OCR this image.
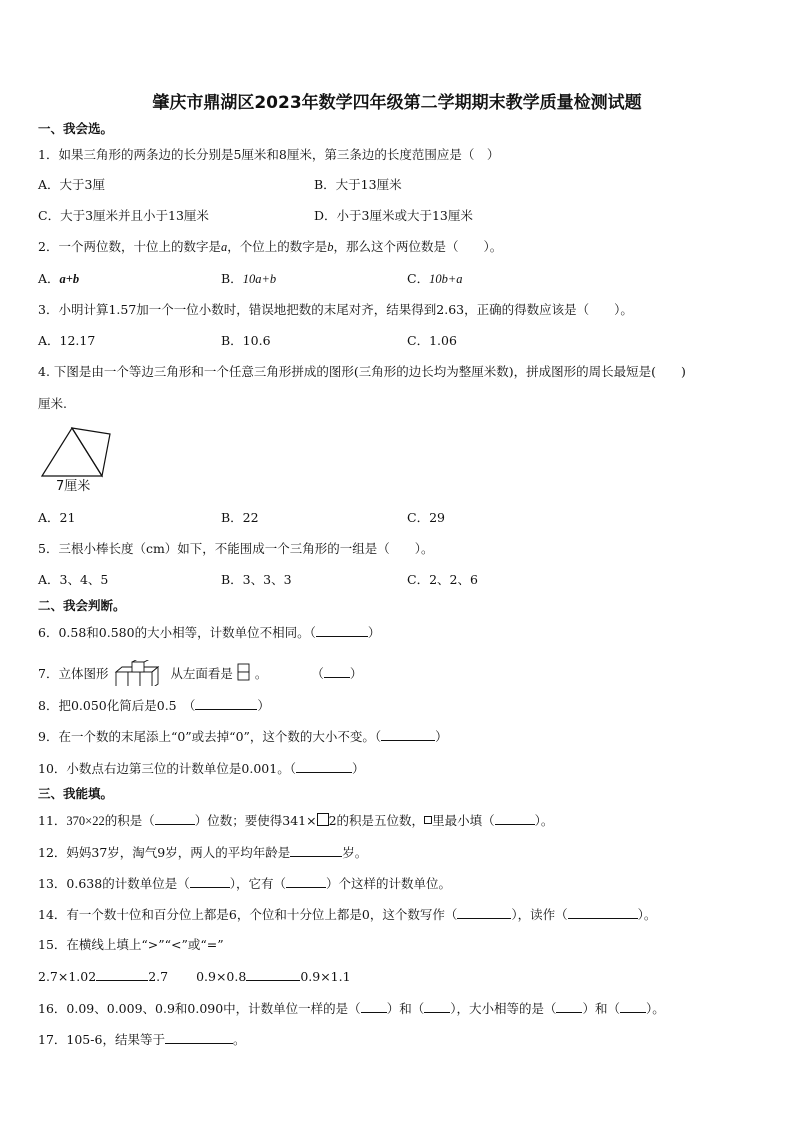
肇庆市鼎湖区2023年数学四年级第二学期期末教学质量检测试题
一、我会选。
1．如果三角形的两条边的长分别是5厘米和8厘米，第三条边的长度范围应是（　）
A．大于3厘	B．大于13厘米
C．大于3厘米并且小于13厘米	D．小于3厘米或大于13厘米
2．一个两位数，十位上的数字是a，个位上的数字是b，那么这个两位数是（　　）。
A．a+b	B．10a+b	C．10b+a
3．小明计算1.57加一个一位小数时，错误地把数的末尾对齐，结果得到2.63，正确的得数应该是（　　）。
A．12.17	B．10.6	C．1.06
4. 下图是由一个等边三角形和一个任意三角形拼成的图形(三角形的边长均为整厘米数)，拼成图形的周长最短是(　　)
厘米.
7厘米
A．21	B．22	C．29
5．三根小棒长度（cm）如下，不能围成一个三角形的一组是（　　）。
A．3、4、5	B．3、3、3	C．2、2、6
二、我会判断。
6．0.58和0.580的大小相等，计数单位不相同。（	）
7．立体图形	从左面看是 。	（ ）
8．把0.050化简后是0.5　（	）
9．在一个数的末尾添上“0”或去掉“0”，这个数的大小不变。（	）
10．小数点右边第三位的计数单位是0.001。（	）
三、我能填。
11．370×22的积是（	）位数；要使得341× 2的积是五位数， 里最小填（	）。
12．妈妈37岁，淘气9岁，两人的平均年龄是	岁。
13．0.638的计数单位是（	），它有（	）个这样的计数单位。
14．有一个数十位和百分位上都是6，个位和十分位上都是0，这个数写作（	），读作（	）。
15．在横线上填上“>”“<”或“=”
2.7×1.02	2.7 0.9×0.8	0.9×1.1
16．0.09、0.009、0.9和0.090中，计数单位一样的是（ ）和（ ），大小相等的是（ ）和（ ）。
17．105-6，结果等于	。
